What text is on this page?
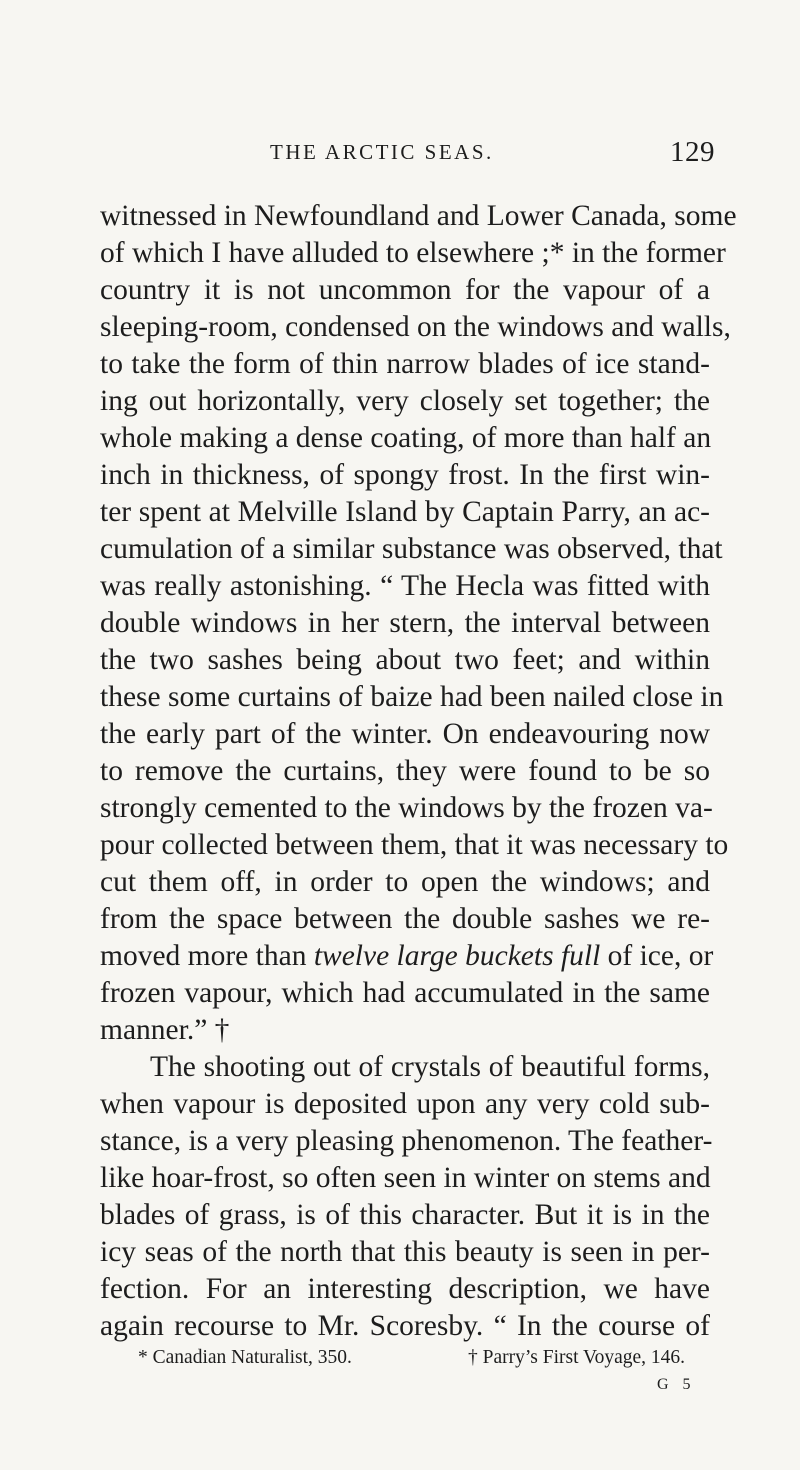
THE ARCTIC SEAS.	129
witnessed in Newfoundland and Lower Canada, some
of which I have alluded to elsewhere ;* in the former
country it is not uncommon for the vapour of a
sleeping-room, condensed on the windows and walls,
to take the form of thin narrow blades of ice stand-
ing out horizontally, very closely set together; the
whole making a dense coating, of more than half an
inch in thickness, of spongy frost. In the first win-
ter spent at Melville Island by Captain Parry, an ac-
cumulation of a similar substance was observed, that
was really astonishing. “ The Hecla was fitted with
double windows in her stern, the interval between
the two sashes being about two feet; and within
these some curtains of baize had been nailed close in
the early part of the winter. On endeavouring now
to remove the curtains, they were found to be so
strongly cemented to the windows by the frozen va-
pour collected between them, that it was necessary to
cut them off, in order to open the windows; and
from the space between the double sashes we re-
moved more than twelve large buckets full of ice, or
frozen vapour, which had accumulated in the same
manner.” †
The shooting out of crystals of beautiful forms,
when vapour is deposited upon any very cold sub-
stance, is a very pleasing phenomenon. The feather-
like hoar-frost, so often seen in winter on stems and
blades of grass, is of this character. But it is in the
icy seas of the north that this beauty is seen in per-
fection. For an interesting description, we have
again recourse to Mr. Scoresby. “ In the course of
* Canadian Naturalist, 350.	† Parry’s First Voyage, 146.
G 5
